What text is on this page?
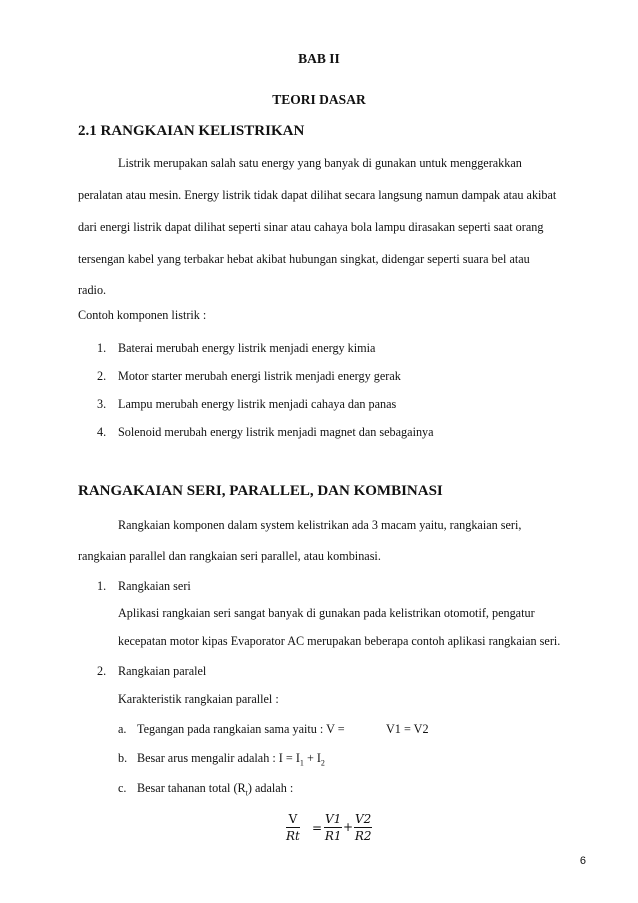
BAB II
TEORI DASAR
2.1 RANGKAIAN KELISTRIKAN
Listrik merupakan salah satu energy yang banyak di gunakan untuk menggerakkan
peralatan atau mesin. Energy listrik tidak dapat dilihat secara langsung namun dampak atau akibat
dari energi listrik dapat dilihat seperti sinar atau cahaya bola lampu dirasakan seperti saat orang
tersengan kabel yang terbakar hebat akibat hubungan singkat, didengar seperti suara bel atau
radio.
Contoh komponen listrik :
1. Baterai merubah energy listrik menjadi energy kimia
2. Motor starter merubah energi listrik menjadi energy gerak
3. Lampu merubah energy listrik menjadi cahaya dan panas
4. Solenoid merubah energy listrik menjadi magnet dan sebagainya
RANGAKAIAN SERI, PARALLEL, DAN KOMBINASI
Rangkaian komponen dalam system kelistrikan ada 3 macam yaitu, rangkaian seri,
rangkaian parallel dan rangkaian seri parallel, atau kombinasi.
1. Rangkaian seri
Aplikasi rangkaian seri sangat banyak di gunakan pada kelistrikan otomotif, pengatur
kecepatan motor kipas Evaporator AC merupakan beberapa contoh aplikasi rangkaian seri.
2. Rangkaian paralel
Karakteristik rangkaian parallel :
a. Tegangan pada rangkaian sama yaitu : V =	V1 = V2
b. Besar arus mengalir adalah : $I = I_1 + I_2$
c. Besar tahanan total $(R_t)$ adalah :
$\frac{V}{Rt} = \frac{V1}{R1} + \frac{V2}{R2}$
6
